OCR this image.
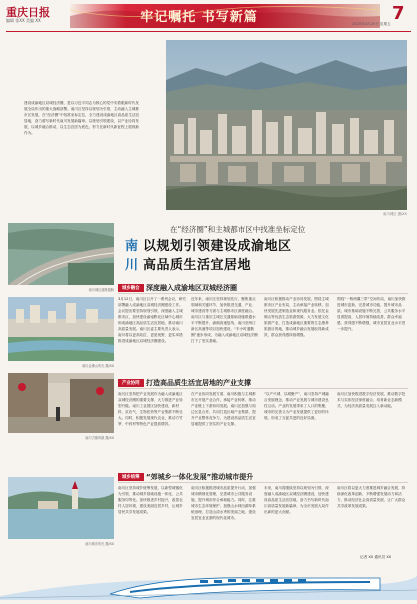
重庆日报
编辑 张XX 美编 XX	牢记嘱托 书写新篇	7
2025年4月25日 星期五
建设成渝地区双城经济圈，是以习近平同志为核心的党中央着眼新时代发展全局作出的重大战略部署。南川区坚持以规划为引领，主动融入主城都市区发展，在“经济圈”中找准坐标定位，全力建设成渝地区高品质生活宜居地，奋力谱写新时代南川发展新篇章。以规划引领建设，以产业协同发展，以城乡融合推动，以生态宜居为底色，努力在新时代新征程上展现新作为。
南川城区 摄/XX
在“经济圈”和主城都市区中找准坐标定位
南
川
以规划引领建设成渝地区
高品质生活宜居地
南川城区道路通畅
南川金佛山风光 摄/XX
南川古镇风貌 摄/XX
南川城市风光 摄/XX
城乡融合 深度融入成渝地区双城经济圈
3月12日，南川区召开了一系列会议，研究部署融入成渝地区双城经济圈建设工作。会议提出要坚持规划引领，深度融入主城都市区，加快建设渝南黔北区域中心城市和成渝地区高品质生活宜居地，推动南川高质量发展。南川区委主要负责人表示，南川将以更高站位、更宽视野、更实举措推进成渝地区双城经济圈建设。
近年来，南川区坚持规划先行，聚焦重点领域和关键环节，加快推进交通、产业、城市建设等方面与主城都市区深度融合。南川区与重庆主城区交通基础设施联通水平不断提升，渝湘高速复线、南川至两江新区高速等项目加快建设，“半小时通勤圈”逐步形成，为融入成渝地区双城经济圈打下了坚实基础。
南川区积极推动产业协同发展，围绕主城都市区产业布局，主动承接产业转移，加快发展先进制造业和现代服务业。依托金佛山等优质生态旅游资源，大力发展文化旅游产业，打造成渝地区重要的生态康养旅游目的地，推动城乡融合发展取得新成效，群众获得感持续增强。
围绕“一核两翼三带”空间布局，南川加快推进城市更新，完善城市功能，提升城市品质。城市基础设施不断完善，公共服务水平显著提高，人居环境持续改善，群众幸福感、获得感不断增强，城市宜居宜业水平进一步提升。
产业协同 打造高品质生活宜居地的产业支撑
南川区坚持把产业发展作为融入成渝地区双城经济圈的重要支撑，大力推进产业转型升级。南川工业园区加快建设，新材料、页岩气、生物医药等产业集群不断壮大。同时，积极发展现代农业，推动方竹笋、中药材等特色产业提质增效。
在产业协同发展方面，南川积极与主城都市区开展产业合作，承接产业转移，推动产业链上下游协同发展。南川还加强与周边区县合作，共同打造区域产业集群，提升产业整体竞争力，为建设高品质生活宜居地提供了坚实的产业支撑。
“以产兴城、以城聚产”，南川坚持产城融合发展理念，推动产业发展与城市建设良性互动。产业的发展带来了人口的集聚，城市的完善又为产业发展提供了更好的环境，形成了互促共进的良好局面。
南川区加快推进数字经济发展，推动数字技术与实体经济深度融合，培育新业态新模式，为经济高质量发展注入新动能。
城乡统筹 “郊城乡一体化发展”推动城市提升
南川区坚持城乡统筹发展，以新型城镇化为引领，推动城乡基础设施一体化、公共服务均等化。加快推进乡村振兴，改善农村人居环境，建设美丽宜居乡村，让城乡居民共享发展成果。
南川区积极推进城市品质提升行动，加强城市精细化管理，完善城市公共服务设施，提升城市综合承载能力。同时，注重城市生态环境保护，加强山水林田湖草系统治理，打造山清水秀的美丽之地，建设宜居宜业宜游的现代化城市。
未来，南川将继续坚持以规划为引领，深度融入成渝地区双城经济圈建设，加快建设高品质生活宜居地，奋力书写新时代南川高质量发展新篇章，为全市发展大局作出新的更大贡献。
南川区将以更大力度推进城乡融合发展，持续深化改革创新，不断增强发展动力和活力，推动经济社会高质量发展，让广大群众共享改革发展成果。
记者 XX 通讯员 XX
